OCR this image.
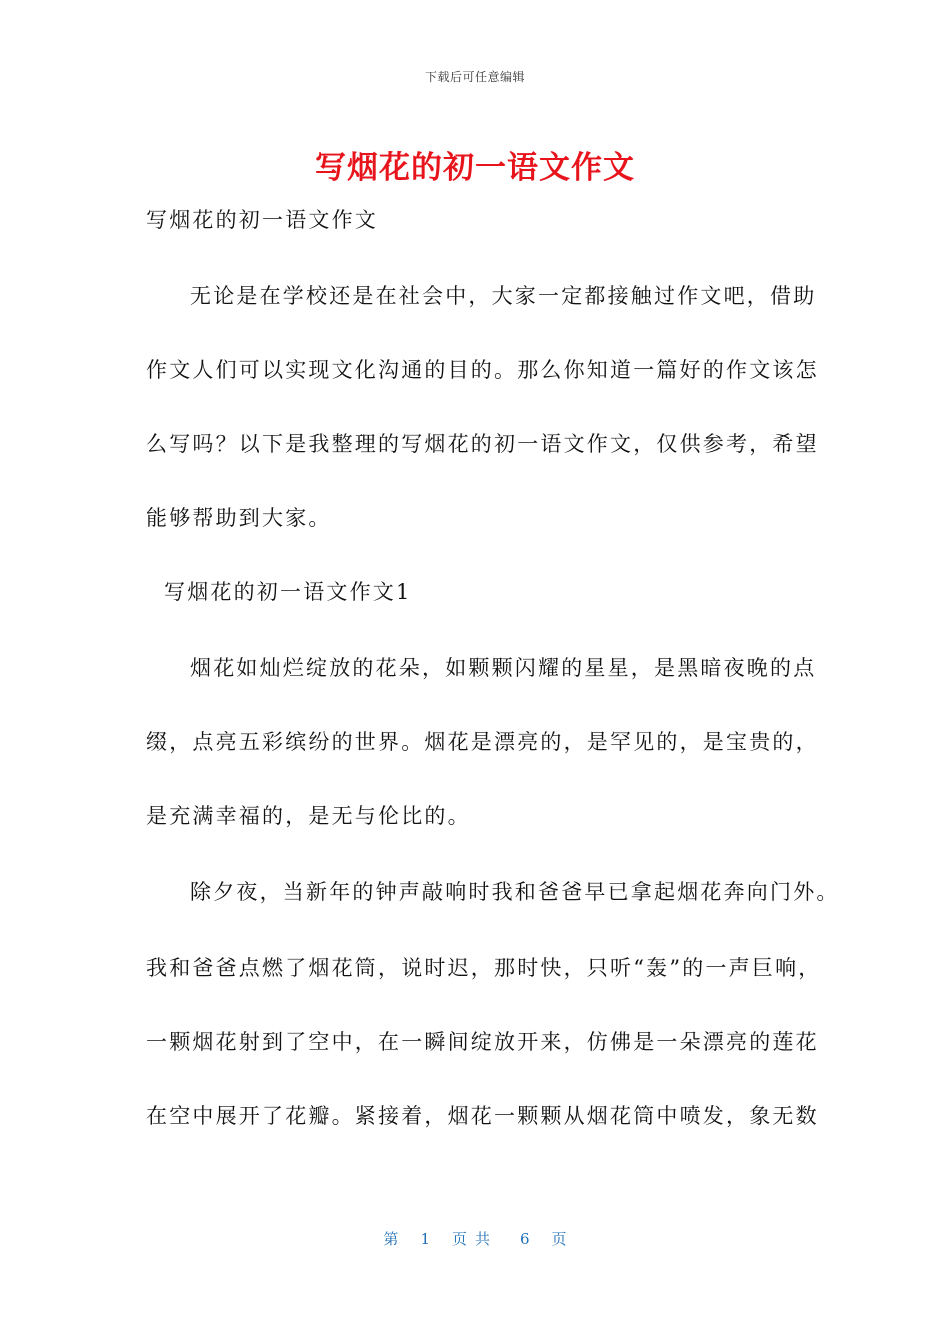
下载后可任意编辑
写烟花的初一语文作文
写烟花的初一语文作文
无论是在学校还是在社会中，大家一定都接触过作文吧，借助
作文人们可以实现文化沟通的目的。那么你知道一篇好的作文该怎
么写吗？以下是我整理的写烟花的初一语文作文，仅供参考，希望
能够帮助到大家。
写烟花的初一语文作文1
烟花如灿烂绽放的花朵，如颗颗闪耀的星星，是黑暗夜晚的点
缀，点亮五彩缤纷的世界。烟花是漂亮的，是罕见的，是宝贵的，
是充满幸福的，是无与伦比的。
除夕夜，当新年的钟声敲响时我和爸爸早已拿起烟花奔向门外。
我和爸爸点燃了烟花筒，说时迟，那时快，只听“轰”的一声巨响，
一颗烟花射到了空中，在一瞬间绽放开来，仿佛是一朵漂亮的莲花
在空中展开了花瓣。紧接着，烟花一颗颗从烟花筒中喷发，象无数
第 1 页共 6 页
